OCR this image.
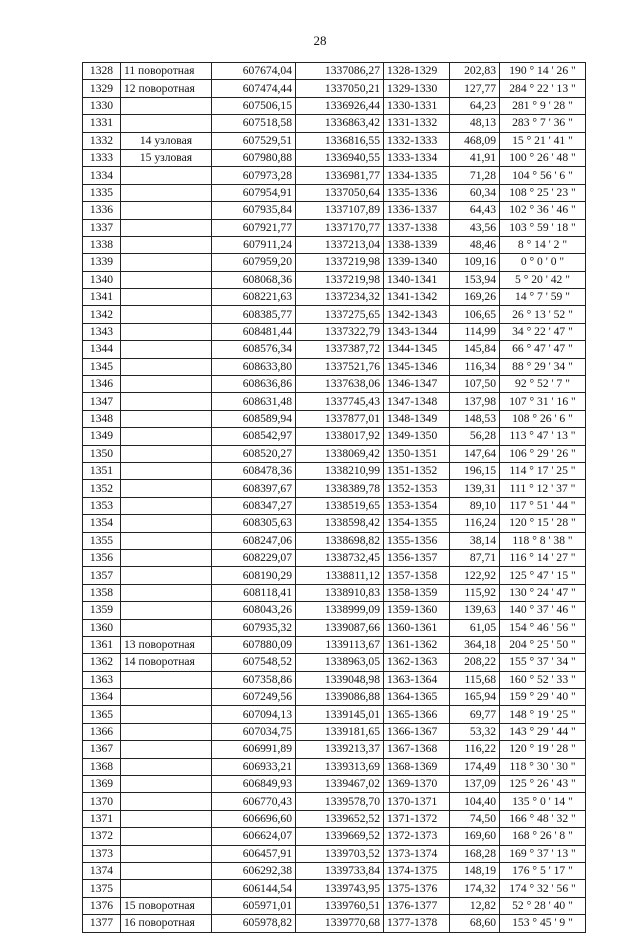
28
1328	11 поворотная	607674,04	1337086,27	1328-1329	202,83	190 ° 14 ' 26 "
1329	12 поворотная	607474,44	1337050,21	1329-1330	127,77	284 ° 22 ' 13 "
1330		607506,15	1336926,44	1330-1331	64,23	281 ° 9 ' 28 "
1331		607518,58	1336863,42	1331-1332	48,13	283 ° 7 ' 36 "
1332	14 узловая	607529,51	1336816,55	1332-1333	468,09	15 ° 21 ' 41 "
1333	15 узловая	607980,88	1336940,55	1333-1334	41,91	100 ° 26 ' 48 "
1334		607973,28	1336981,77	1334-1335	71,28	104 ° 56 ' 6 "
1335		607954,91	1337050,64	1335-1336	60,34	108 ° 25 ' 23 "
1336		607935,84	1337107,89	1336-1337	64,43	102 ° 36 ' 46 "
1337		607921,77	1337170,77	1337-1338	43,56	103 ° 59 ' 18 "
1338		607911,24	1337213,04	1338-1339	48,46	8 ° 14 ' 2 "
1339		607959,20	1337219,98	1339-1340	109,16	0 ° 0 ' 0 "
1340		608068,36	1337219,98	1340-1341	153,94	5 ° 20 ' 42 "
1341		608221,63	1337234,32	1341-1342	169,26	14 ° 7 ' 59 "
1342		608385,77	1337275,65	1342-1343	106,65	26 ° 13 ' 52 "
1343		608481,44	1337322,79	1343-1344	114,99	34 ° 22 ' 47 "
1344		608576,34	1337387,72	1344-1345	145,84	66 ° 47 ' 47 "
1345		608633,80	1337521,76	1345-1346	116,34	88 ° 29 ' 34 "
1346		608636,86	1337638,06	1346-1347	107,50	92 ° 52 ' 7 "
1347		608631,48	1337745,43	1347-1348	137,98	107 ° 31 ' 16 "
1348		608589,94	1337877,01	1348-1349	148,53	108 ° 26 ' 6 "
1349		608542,97	1338017,92	1349-1350	56,28	113 ° 47 ' 13 "
1350		608520,27	1338069,42	1350-1351	147,64	106 ° 29 ' 26 "
1351		608478,36	1338210,99	1351-1352	196,15	114 ° 17 ' 25 "
1352		608397,67	1338389,78	1352-1353	139,31	111 ° 12 ' 37 "
1353		608347,27	1338519,65	1353-1354	89,10	117 ° 51 ' 44 "
1354		608305,63	1338598,42	1354-1355	116,24	120 ° 15 ' 28 "
1355		608247,06	1338698,82	1355-1356	38,14	118 ° 8 ' 38 "
1356		608229,07	1338732,45	1356-1357	87,71	116 ° 14 ' 27 "
1357		608190,29	1338811,12	1357-1358	122,92	125 ° 47 ' 15 "
1358		608118,41	1338910,83	1358-1359	115,92	130 ° 24 ' 47 "
1359		608043,26	1338999,09	1359-1360	139,63	140 ° 37 ' 46 "
1360		607935,32	1339087,66	1360-1361	61,05	154 ° 46 ' 56 "
1361	13 поворотная	607880,09	1339113,67	1361-1362	364,18	204 ° 25 ' 50 "
1362	14 поворотная	607548,52	1338963,05	1362-1363	208,22	155 ° 37 ' 34 "
1363		607358,86	1339048,98	1363-1364	115,68	160 ° 52 ' 33 "
1364		607249,56	1339086,88	1364-1365	165,94	159 ° 29 ' 40 "
1365		607094,13	1339145,01	1365-1366	69,77	148 ° 19 ' 25 "
1366		607034,75	1339181,65	1366-1367	53,32	143 ° 29 ' 44 "
1367		606991,89	1339213,37	1367-1368	116,22	120 ° 19 ' 28 "
1368		606933,21	1339313,69	1368-1369	174,49	118 ° 30 ' 30 "
1369		606849,93	1339467,02	1369-1370	137,09	125 ° 26 ' 43 "
1370		606770,43	1339578,70	1370-1371	104,40	135 ° 0 ' 14 "
1371		606696,60	1339652,52	1371-1372	74,50	166 ° 48 ' 32 "
1372		606624,07	1339669,52	1372-1373	169,60	168 ° 26 ' 8 "
1373		606457,91	1339703,52	1373-1374	168,28	169 ° 37 ' 13 "
1374		606292,38	1339733,84	1374-1375	148,19	176 ° 5 ' 17 "
1375		606144,54	1339743,95	1375-1376	174,32	174 ° 32 ' 56 "
1376	15 поворотная	605971,01	1339760,51	1376-1377	12,82	52 ° 28 ' 40 "
1377	16 поворотная	605978,82	1339770,68	1377-1378	68,60	153 ° 45 ' 9 "
